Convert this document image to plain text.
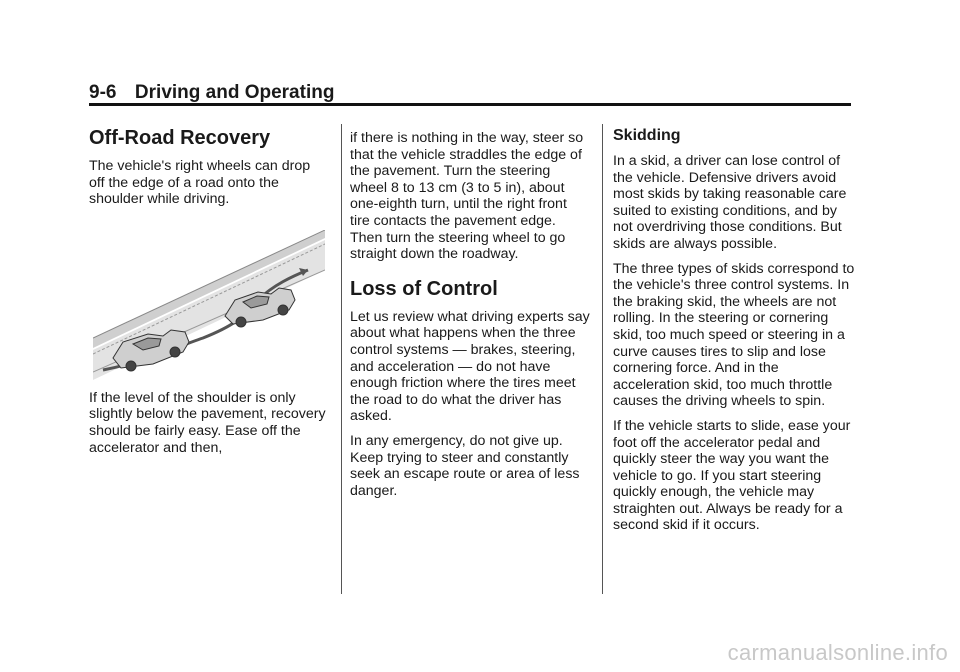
9-6 Driving and Operating
Off-Road Recovery

The vehicle's right wheels can drop off the edge of a road onto the shoulder while driving.

If the level of the shoulder is only slightly below the pavement, recovery should be fairly easy. Ease off the accelerator and then,

if there is nothing in the way, steer so that the vehicle straddles the edge of the pavement. Turn the steering wheel 8 to 13 cm (3 to 5 in), about one-eighth turn, until the right front tire contacts the pavement edge. Then turn the steering wheel to go straight down the roadway.

Loss of Control

Let us review what driving experts say about what happens when the three control systems — brakes, steering, and acceleration — do not have enough friction where the tires meet the road to do what the driver has asked.

In any emergency, do not give up. Keep trying to steer and constantly seek an escape route or area of less danger.

Skidding

In a skid, a driver can lose control of the vehicle. Defensive drivers avoid most skids by taking reasonable care suited to existing conditions, and by not overdriving those conditions. But skids are always possible.

The three types of skids correspond to the vehicle's three control systems. In the braking skid, the wheels are not rolling. In the steering or cornering skid, too much speed or steering in a curve causes tires to slip and lose cornering force. And in the acceleration skid, too much throttle causes the driving wheels to spin.

If the vehicle starts to slide, ease your foot off the accelerator pedal and quickly steer the way you want the vehicle to go. If you start steering quickly enough, the vehicle may straighten out. Always be ready for a second skid if it occurs.

carmanualsonline.info
